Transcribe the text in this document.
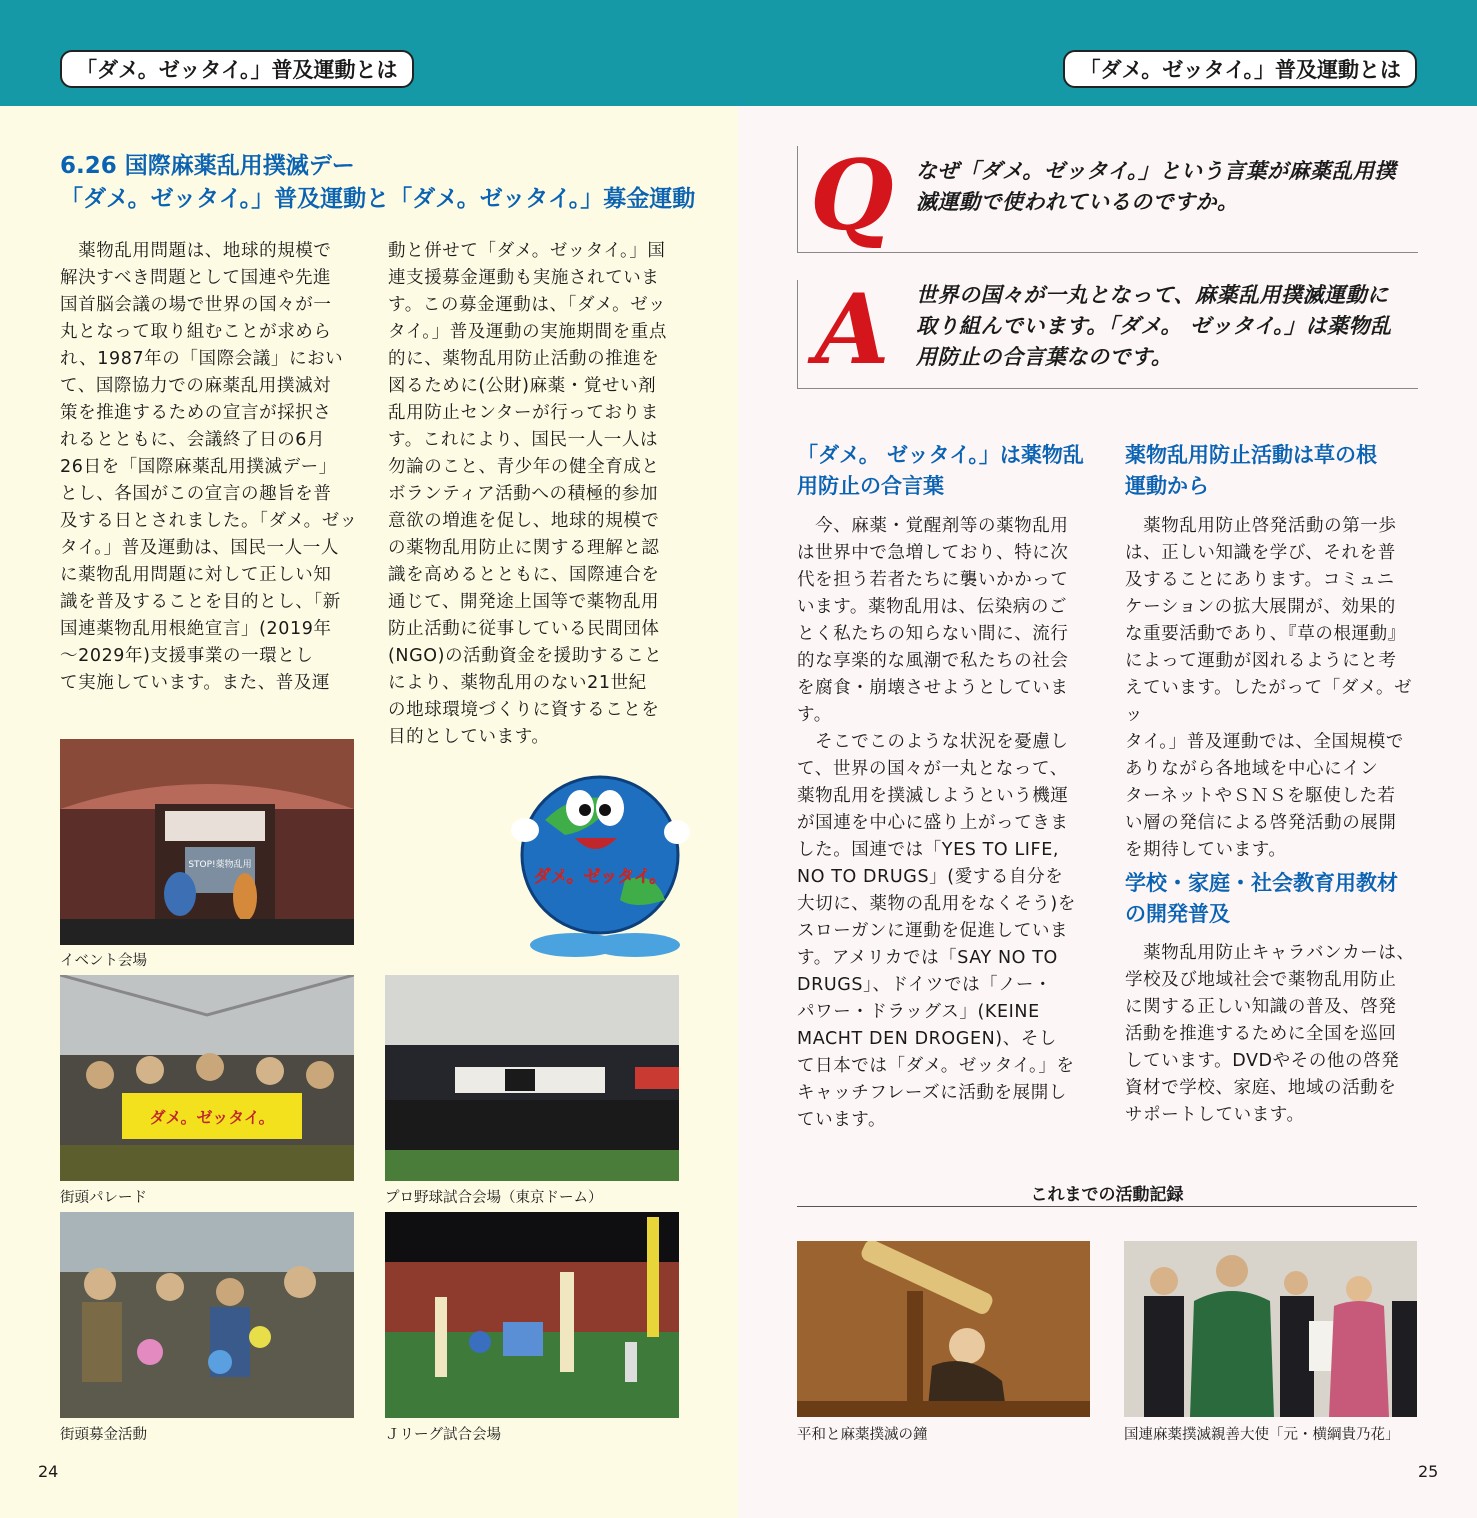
「ダメ。ゼッタイ。」普及運動とは	「ダメ。ゼッタイ。」普及運動とは
6.26 国際麻薬乱用撲滅デー
「ダメ。ゼッタイ。」普及運動と「ダメ。ゼッタイ。」募金運動
　薬物乱用問題は、地球的規模で
解決すべき問題として国連や先進
国首脳会議の場で世界の国々が一
丸となって取り組むことが求めら
れ、1987年の「国際会議」におい
て、国際協力での麻薬乱用撲滅対
策を推進するための宣言が採択さ
れるとともに、会議終了日の6月
26日を「国際麻薬乱用撲滅デー」
とし、各国がこの宣言の趣旨を普
及する日とされました。「ダメ。ゼッ
タイ。」普及運動は、国民一人一人
に薬物乱用問題に対して正しい知
識を普及することを目的とし、「新
国連薬物乱用根絶宣言」(2019年
〜2029年)支援事業の一環とし
て実施しています。また、普及運
動と併せて「ダメ。ゼッタイ。」国
連支援募金運動も実施されていま
す。この募金運動は、「ダメ。ゼッ
タイ。」普及運動の実施期間を重点
的に、薬物乱用防止活動の推進を
図るために(公財)麻薬・覚せい剤
乱用防止センターが行っておりま
す。これにより、国民一人一人は
勿論のこと、青少年の健全育成と
ボランティア活動への積極的参加
意欲の増進を促し、地球的規模で
の薬物乱用防止に関する理解と認
識を高めるとともに、国際連合を
通じて、開発途上国等で薬物乱用
防止活動に従事している民間団体
(NGO)の活動資金を援助すること
により、薬物乱用のない21世紀
の地球環境づくりに資することを
目的としています。
STOP!薬物乱用
イベント会場
ダメ。ゼッタイ。
ダメ。ゼッタイ。
街頭パレード	プロ野球試合会場（東京ドーム）
街頭募金活動	Ｊリーグ試合会場
24
Q なぜ「ダメ。ゼッタイ。」という言葉が麻薬乱用撲
滅運動で使われているのですか。
A 世界の国々が一丸となって、麻薬乱用撲滅運動に
取り組んでいます。「ダメ。 ゼッタイ。」は薬物乱
用防止の合言葉なのです。
「ダメ。 ゼッタイ。」は薬物乱
用防止の合言葉
　今、麻薬・覚醒剤等の薬物乱用
は世界中で急増しており、特に次
代を担う若者たちに襲いかかって
います。薬物乱用は、伝染病のご
とく私たちの知らない間に、流行
的な享楽的な風潮で私たちの社会
を腐食・崩壊させようとしていま
す。
　そこでこのような状況を憂慮し
て、世界の国々が一丸となって、
薬物乱用を撲滅しようという機運
が国連を中心に盛り上がってきま
した。国連では「YES TO LIFE,
NO TO DRUGS」(愛する自分を
大切に、薬物の乱用をなくそう)を
スローガンに運動を促進していま
す。アメリカでは「SAY NO TO
DRUGS」、ドイツでは「ノー・
パワー・ドラッグス」(KEINE
MACHT DEN DROGEN)、そし
て日本では「ダメ。ゼッタイ。」を
キャッチフレーズに活動を展開し
ています。
薬物乱用防止活動は草の根
運動から
　薬物乱用防止啓発活動の第一歩
は、正しい知識を学び、それを普
及することにあります。コミュニ
ケーションの拡大展開が、効果的
な重要活動であり、『草の根運動』
によって運動が図れるようにと考
えています。したがって「ダメ。ゼッ
タイ。」普及運動では、全国規模で
ありながら各地域を中心にイン
ターネットやＳＮＳを駆使した若
い層の発信による啓発活動の展開
を期待しています。
学校・家庭・社会教育用教材
の開発普及
　薬物乱用防止キャラバンカーは、
学校及び地域社会で薬物乱用防止
に関する正しい知識の普及、啓発
活動を推進するために全国を巡回
しています。DVDやその他の啓発
資材で学校、家庭、地域の活動を
サポートしています。
これまでの活動記録
平和と麻薬撲滅の鐘	国連麻薬撲滅親善大使「元・横綱貴乃花」
25
